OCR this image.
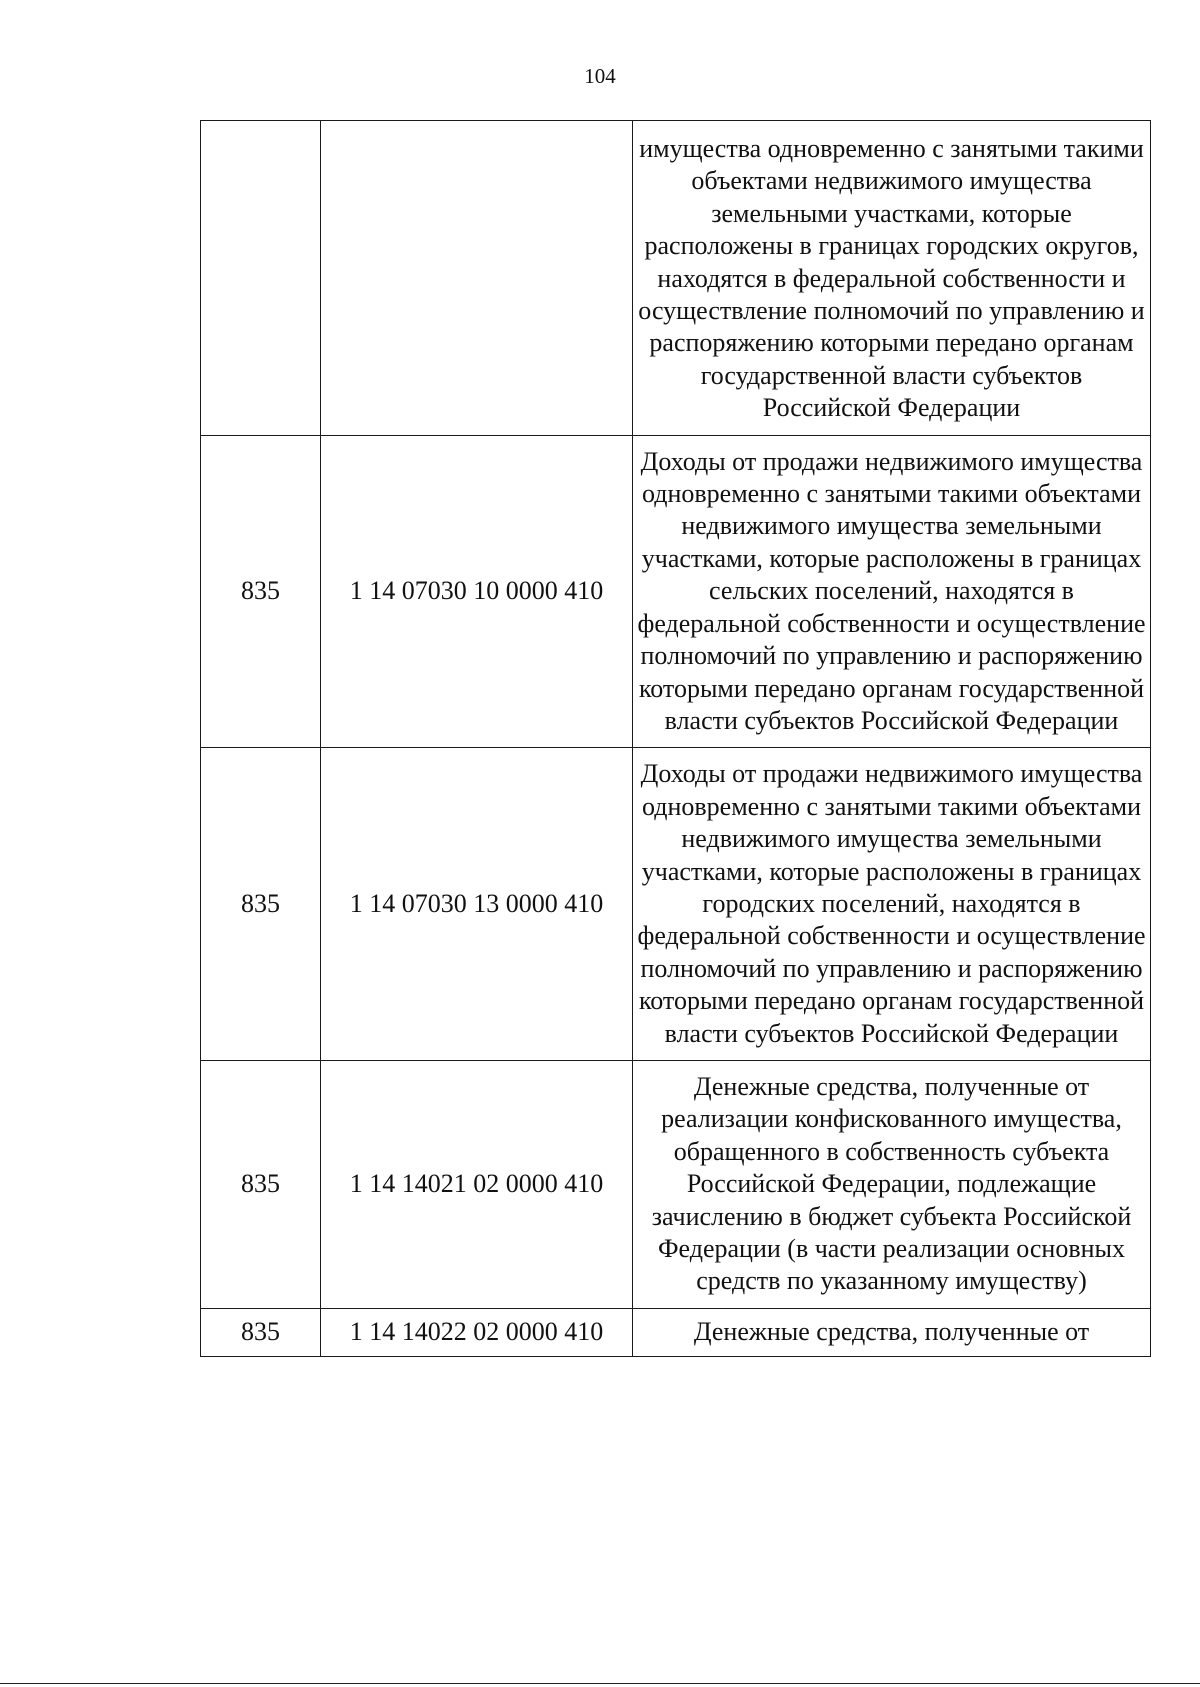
104
		имущества одновременно с занятыми такими объектами недвижимого имущества земельными участками, которые расположены в границах городских округов, находятся в федеральной собственности и осуществление полномочий по управлению и распоряжению которыми передано органам государственной власти субъектов Российской Федерации
835	1 14 07030 10 0000 410	Доходы от продажи недвижимого имущества одновременно с занятыми такими объектами недвижимого имущества земельными участками, которые расположены в границах сельских поселений, находятся в федеральной собственности и осуществление полномочий по управлению и распоряжению которыми передано органам государственной власти субъектов Российской Федерации
835	1 14 07030 13 0000 410	Доходы от продажи недвижимого имущества одновременно с занятыми такими объектами недвижимого имущества земельными участками, которые расположены в границах городских поселений, находятся в федеральной собственности и осуществление полномочий по управлению и распоряжению которыми передано органам государственной власти субъектов Российской Федерации
835	1 14 14021 02 0000 410	Денежные средства, полученные от реализации конфискованного имущества, обращенного в собственность субъекта Российской Федерации, подлежащие зачислению в бюджет субъекта Российской Федерации (в части реализации основных средств по указанному имуществу)
835	1 14 14022 02 0000 410	Денежные средства, полученные от
